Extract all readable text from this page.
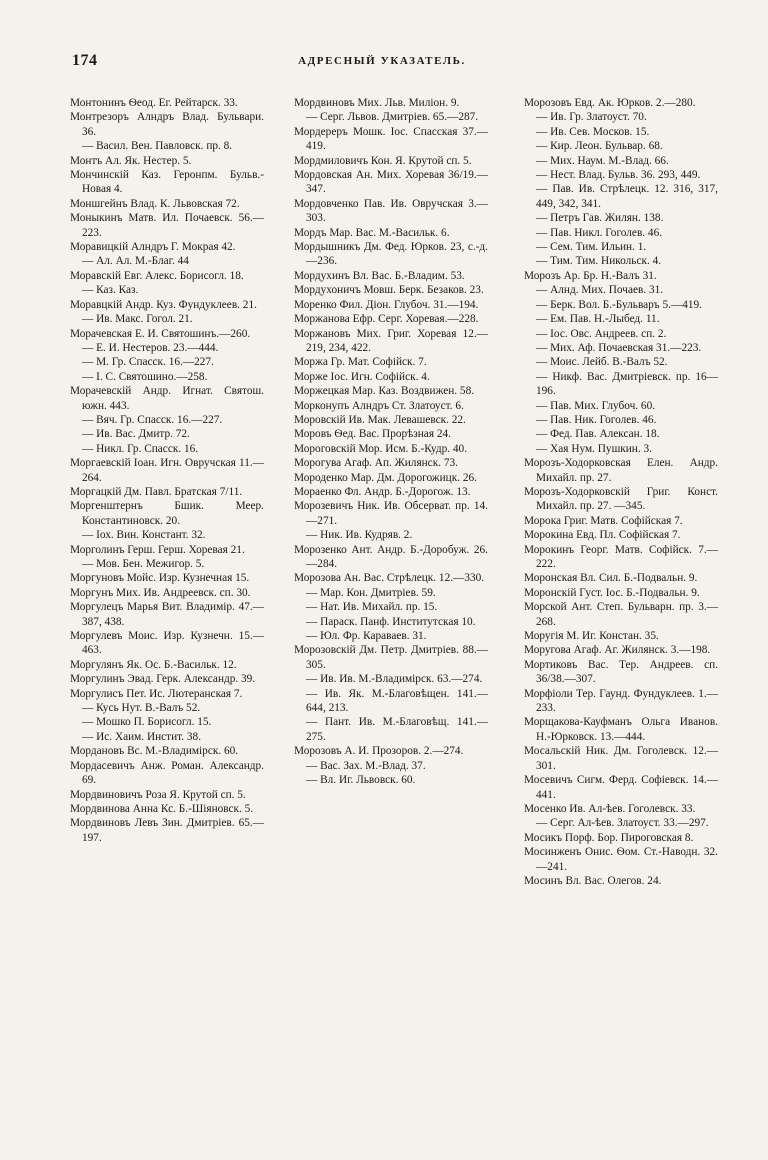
174	АДРЕСНЫЙ УКАЗАТЕЛЬ.
Монтонинъ Ѳеод. Ег. Рейтарск. 33.
Монтрезоръ Алндръ Влад. Бульвари. 36.
— Васил. Вен. Павловск. пр. 8.
Монтъ Ал. Як. Нестер. 5.
Мончинскій Каз. Геронпм. Бульв.-Новая 4.
Моншгейнъ Влад. К. Львовская 72.
Моныкинъ Матв. Ил. Почаевск. 56.—223.
Моравицкій Алндръ Г. Мокрая 42.
— Ал. Ал. М.-Благ. 44
Моравскій Евг. Алекс. Борисогл. 18.
— Каз. Каз.
Моравцкій Андр. Куз. Фундуклеев. 21.
— Ив. Макс. Гогол. 21.
Морачевская Е. И. Святошинъ.—260.
— Е. И. Нестеров. 23.—444.
— М. Гр. Спасск. 16.—227.
— I. С. Святошино.—258.
Морачевскій Андр. Игнат. Святош. южн. 443.
— Вяч. Гр. Спасск. 16.—227.
— Ив. Вас. Дмитр. 72.
— Никл. Гр. Спасск. 16.
Моргаевскій Іоан. Игн. Овручская 11.—264.
Моргацкій Дм. Павл. Братская 7/11.
Моргенштернъ Бшик. Меер. Константиновск. 20.
— Іох. Вин. Констант. 32.
Морголинъ Герш. Герш. Хоревая 21.
— Мов. Бен. Межигор. 5.
Моргуновъ Мойс. Изр. Кузнечная 15.
Моргунъ Мих. Ив. Андреевск. сп. 30.
Моргулецъ Марья Вит. Владимір. 47.—387, 438.
Моргулевъ Моис. Изр. Кузнечн. 15.—463.
Моргулянъ Як. Ос. Б.-Васильк. 12.
Моргулинъ Эвад. Герк. Александр. 39.
Моргулисъ Пет. Ис. Лютеранская 7.
— Кусь Нут. В.-Валъ 52.
— Мошко П. Борисогл. 15.
— Ис. Хаим. Инстит. 38.
Мордановъ Вс. М.-Владимірск. 60.
Мордасевичъ Анж. Роман. Александр. 69.
Мордвиновичъ Роза Я. Крутой сп. 5.
Мордвинова Анна Кс. Б.-Шіяновск. 5.
Мордвиновъ Левъ Зин. Дмитріев. 65.—197.
Мордвиновъ Мих. Льв. Миліон. 9.
— Серг. Львов. Дмитріев. 65.—287.
Мордереръ Мошк. Іос. Спасская 37.—419.
Мордмиловичъ Кон. Я. Крутой сп. 5.
Мордовская Ан. Мих. Хоревая 36/19.—347.
Мордовченко Пав. Ив. Овручская 3.—303.
Мордъ Мар. Вас. М.-Васильк. 6.
Мордышникъ Дм. Фед. Юрков. 23, с.-д.—236.
Мордухинъ Вл. Вас. Б.-Владим. 53.
Мордухоничъ Мовш. Берк. Безаков. 23.
Моренко Фил. Діон. Глубоч. 31.—194.
Моржанова Ефр. Серг. Хоревая.—228.
Моржановъ Мих. Григ. Хоревая 12.—219, 234, 422.
Моржа Гр. Мат. Софійск. 7.
Морже Іос. Игн. Софійск. 4.
Моржецкая Мар. Каз. Воздвижен. 58.
Морконупъ Алндръ Ст. Златоуст. 6.
Моровскій Ив. Мак. Левашевск. 22.
Моровъ Ѳед. Вас. Прорѣзная 24.
Мороговскій Мор. Исм. Б.-Кудр. 40.
Морогува Агаф. Ап. Жилянск. 73.
Мороденко Мар. Дм. Дорогожицк. 26.
Мораенко Фл. Андр. Б.-Дорогож. 13.
Морозевичъ Ник. Ив. Обсерват. пр. 14.—271.
— Ник. Ив. Кудряв. 2.
Морозенко Ант. Андр. Б.-Доробуж. 26.—284.
Морозова Ан. Вас. Стрѣлецк. 12.—330.
— Мар. Кон. Дмитріев. 59.
— Нат. Ив. Михайл. пр. 15.
— Параск. Панф. Институтская 10.
— Юл. Фр. Караваев. 31.
Морозовскій Дм. Петр. Дмитріев. 88.—305.
— Ив. Ив. М.-Владимірск. 63.—274.
— Ив. Як. М.-Благовѣщен. 141.—644, 213.
— Пант. Ив. М.-Благовѣщ. 141.—275.
Морозовъ А. И. Прозоров. 2.—274.
— Вас. Зах. М.-Влад. 37.
— Вл. Иг. Львовск. 60.
Морозовъ Евд. Ак. Юрков. 2.—280.
— Ив. Гр. Златоуст. 70.
— Ив. Сев. Москов. 15.
— Кир. Леон. Бульвар. 68.
— Мих. Наум. М.-Влад. 66.
— Нест. Влад. Бульв. 36. 293, 449.
— Пав. Ив. Стрѣлецк. 12. 316, 317, 449, 342, 341.
— Петръ Гав. Жилян. 138.
— Пав. Никл. Гоголев. 46.
— Сем. Тим. Ильин. 1.
— Тим. Тим. Никольск. 4.
Морозъ Ар. Бр. Н.-Валъ 31.
— Алнд. Мих. Почаев. 31.
— Берк. Вол. Б.-Бульваръ 5.—419.
— Ем. Пав. Н.-Лыбед. 11.
— Іос. Овс. Андреев. сп. 2.
— Мих. Аф. Почаевская 31.—223.
— Моис. Лейб. В.-Валъ 52.
— Никф. Вас. Дмитріевск. пр. 16—196.
— Пав. Мих. Глубоч. 60.
— Пав. Ник. Гоголев. 46.
— Фед. Пав. Алексан. 18.
— Хая Нум. Пушкин. 3.
Морозъ-Ходорковская Елен. Андр. Михайл. пр. 27.
Морозъ-Ходорковскій Григ. Конст. Михайл. пр. 27. —345.
Морока Григ. Матв. Софійская 7.
Морокина Евд. Пл. Софійская 7.
Морокинъ Георг. Матв. Софійск. 7.—222.
Моронская Вл. Сил. Б.-Подвальн. 9.
Моронскій Густ. Іос. Б.-Подвальн. 9.
Морской Ант. Степ. Бульварн. пр. 3.—268.
Моругія М. Иг. Констан. 35.
Моругова Агаф. Аг. Жилянск. 3.—198.
Мортиковъ Вас. Тер. Андреев. сп. 36/38.—307.
Морфіоли Тер. Гаунд. Фундуклеев. 1.—233.
Морщакова-Кауфманъ Ольга Иванов. Н.-Юрковск. 13.—444.
Мосальскій Ник. Дм. Гоголевск. 12.—301.
Мосевичъ Сигм. Ферд. Софіевск. 14.—441.
Мосенко Ив. Ал-ѣев. Гоголевск. 33.
— Серг. Ал-ѣев. Златоуст. 33.—297.
Мосикъ Порф. Бор. Пироговская 8.
Мосинженъ Онис. Ѳом. Ст.-Наводн. 32.—241.
Мосинъ Вл. Вас. Олегов. 24.
